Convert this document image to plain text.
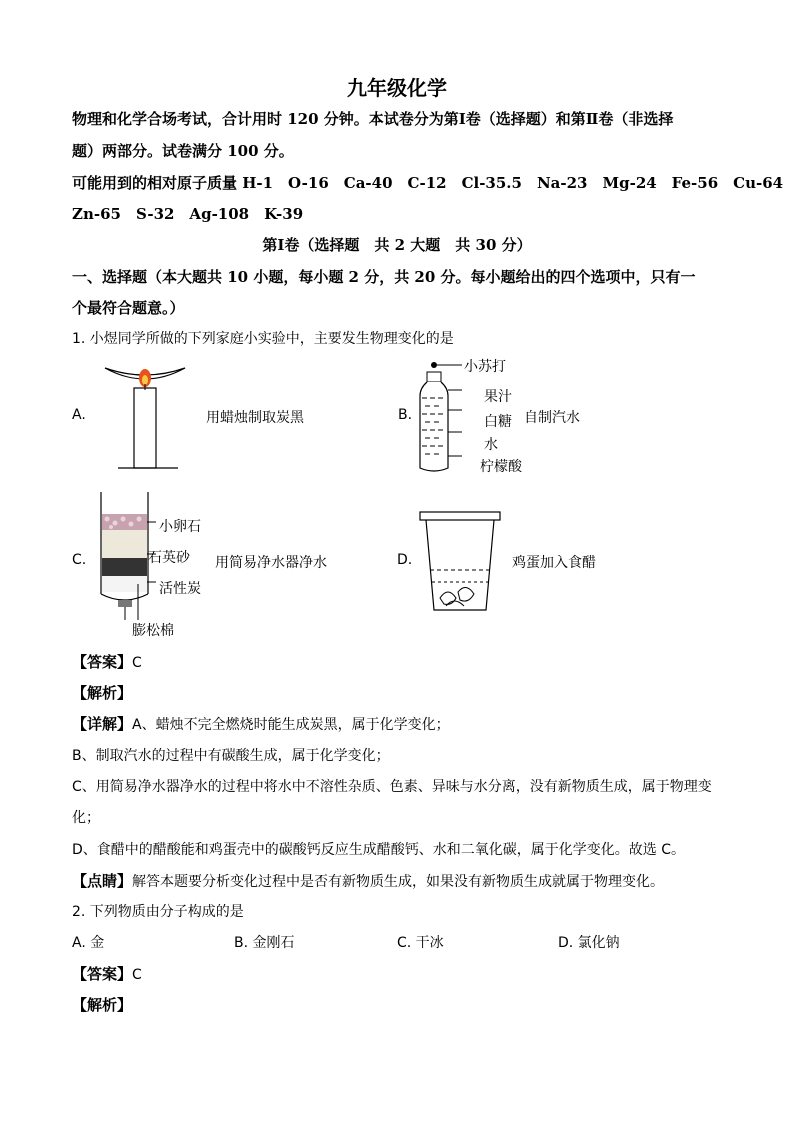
九年级化学
物理和化学合场考试，合计用时 120 分钟。本试卷分为第Ⅰ卷（选择题）和第Ⅱ卷（非选择
题）两部分。试卷满分 100 分。
可能用到的相对原子质量 H-1　O-16　Ca-40　C-12　Cl-35.5　Na-23　Mg-24　Fe-56　Cu-64
Zn-65　S-32　Ag-108　K-39
第Ⅰ卷（选择题　共 2 大题　共 30 分）
一、选择题（本大题共 10 小题，每小题 2 分，共 20 分。每小题给出的四个选项中，只有一
个最符合题意。）
1. 小煜同学所做的下列家庭小实验中，主要发生物理变化的是
A.	用蜡烛制取炭黑	B.
小苏打
果汁
白糖
水
柠檬酸
自制汽水
C.
小卵石
石英砂
活性炭
膨松棉
用简易净水器净水	D.	鸡蛋加入食醋
【答案】C
【解析】
【详解】A、蜡烛不完全燃烧时能生成炭黑，属于化学变化；
B、制取汽水的过程中有碳酸生成，属于化学变化；
C、用简易净水器净水的过程中将水中不溶性杂质、色素、异味与水分离，没有新物质生成，属于物理变
化；
D、食醋中的醋酸能和鸡蛋壳中的碳酸钙反应生成醋酸钙、水和二氧化碳，属于化学变化。故选 C。
【点睛】解答本题要分析变化过程中是否有新物质生成，如果没有新物质生成就属于物理变化。
2. 下列物质由分子构成的是
A. 金	B. 金刚石	C. 干冰	D. 氯化钠
【答案】C
【解析】
